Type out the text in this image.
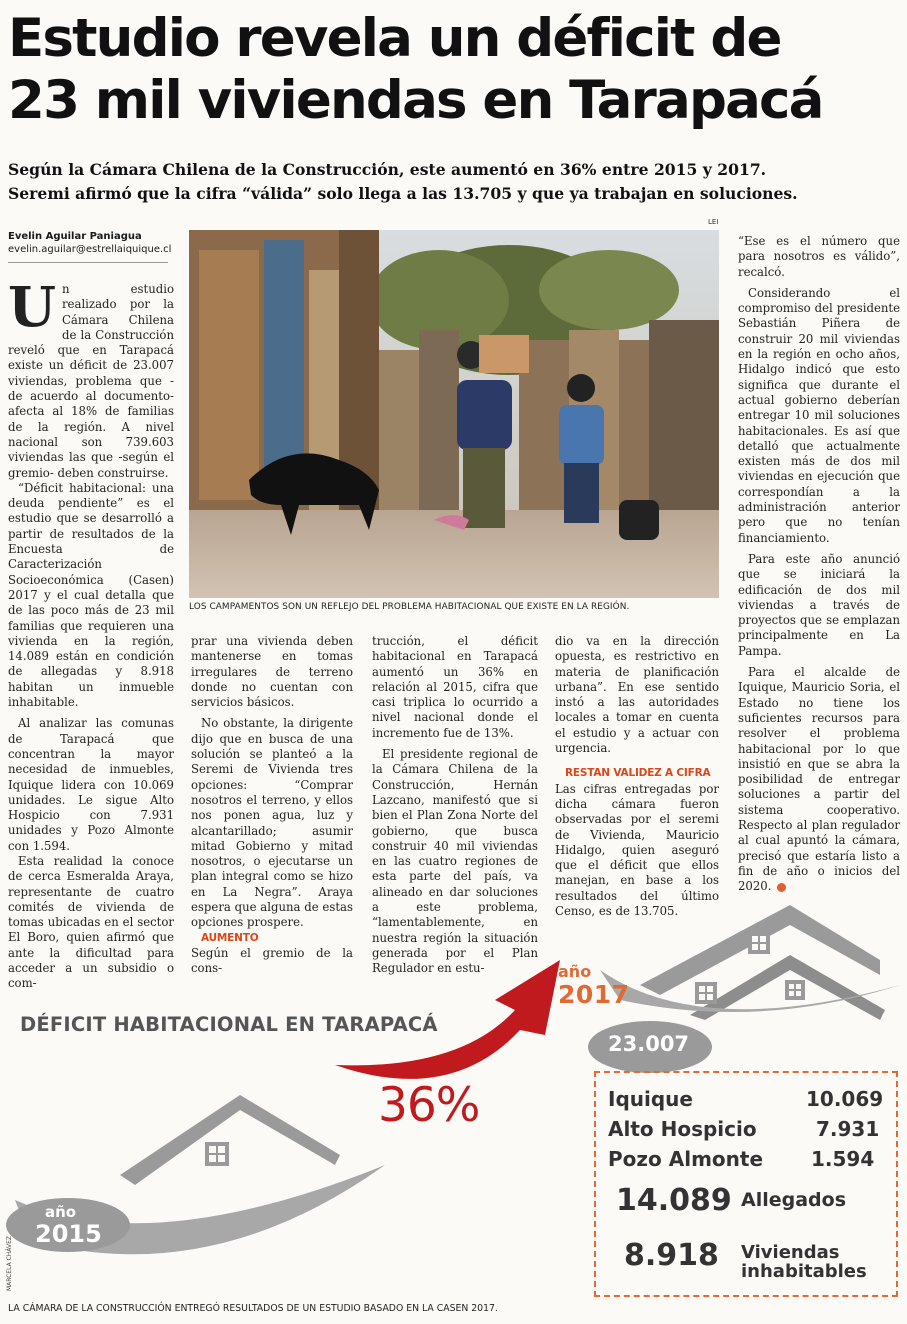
Estudio revela un déficit de
23 mil viviendas en Tarapacá
Según la Cámara Chilena de la Construcción, este aumentó en 36% entre 2015 y 2017.
Seremi afirmó que la cifra “válida” solo llega a las 13.705 y que ya trabajan en soluciones.
Evelin Aguilar Paniagua
evelin.aguilar@estrellaiquique.cl
LEI
LOS CAMPAMENTOS SON UN REFLEJO DEL PROBLEMA HABITACIONAL QUE EXISTE EN LA REGIÓN.

Un estudio realizado por la Cámara Chilena de la Construcción reveló que en Tarapacá existe un déficit de 23.007 viviendas, problema que -de acuerdo al documento- afecta al 18% de familias de la región. A nivel nacional son 739.603 viviendas las que -según el gremio- deben construirse.

“Déficit habitacional: una deuda pendiente” es el estudio que se desarrolló a partir de resultados de la Encuesta de Caracterización Socioeconómica (Casen) 2017 y el cual detalla que de las poco más de 23 mil familias que requieren una vivienda en la región, 14.089 están en condición de allegadas y 8.918 habitan un inmueble inhabitable.

Al analizar las comunas de Tarapacá que concentran la mayor necesidad de inmuebles, Iquique lidera con 10.069 unidades. Le sigue Alto Hospicio con 7.931 unidades y Pozo Almonte con 1.594.

Esta realidad la conoce de cerca Esmeralda Araya, representante de cuatro comités de vivienda de tomas ubicadas en el sector El Boro, quien afirmó que ante la dificultad para acceder a un subsidio o com-

prar una vivienda deben mantenerse en tomas irregulares de terreno donde no cuentan con servicios básicos.

No obstante, la dirigente dijo que en busca de una solución se planteó a la Seremi de Vivienda tres opciones: “Comprar nosotros el terreno, y ellos nos ponen agua, luz y alcantarillado; asumir mitad Gobierno y mitad nosotros, o ejecutarse un plan integral como se hizo en La Negra”. Araya espera que alguna de estas opciones prospere.

AUMENTO

Según el gremio de la cons-

trucción, el déficit habitacional en Tarapacá aumentó un 36% en relación al 2015, cifra que casi triplica lo ocurrido a nivel nacional donde el incremento fue de 13%.

El presidente regional de la Cámara Chilena de la Construcción, Hernán Lazcano, manifestó que si bien el Plan Zona Norte del gobierno, que busca construir 40 mil viviendas en las cuatro regiones de esta parte del país, va alineado en dar soluciones a este problema, “lamentablemente, en nuestra región la situación generada por el Plan Regulador en estu-

dio va en la dirección opuesta, es restrictivo en materia de planificación urbana”. En ese sentido instó a las autoridades locales a tomar en cuenta el estudio y a actuar con urgencia.

RESTAN VALIDEZ A CIFRA

Las cifras entregadas por dicha cámara fueron observadas por el seremi de Vivienda, Mauricio Hidalgo, quien aseguró que el déficit que ellos manejan, en base a los resultados del último Censo, es de 13.705.

“Ese es el número que para nosotros es válido”, recalcó.

Considerando el compromiso del presidente Sebastián Piñera de construir 20 mil viviendas en la región en ocho años, Hidalgo indicó que esto significa que durante el actual gobierno deberían entregar 10 mil soluciones habitacionales. Es así que detalló que actualmente existen más de dos mil viviendas en ejecución que correspondían a la administración anterior pero que no tenían financiamiento.

Para este año anunció que se iniciará la edificación de dos mil viviendas a través de proyectos que se emplazan principalmente en La Pampa.

Para el alcalde de Iquique, Mauricio Soria, el Estado no tiene los suficientes recursos para resolver el problema habitacional por lo que insistió en que se abra la posibilidad de entregar soluciones a partir del sistema cooperativo. Respecto al plan regulador al cual apuntó la cámara, precisó que estaría listo a fin de año o inicios del 2020.

DÉFICIT HABITACIONAL EN TARAPACÁ
36%
año
2017
23.007
año
2015
Iquique	10.069
Alto Hospicio	7.931
Pozo Almonte 1.594
14.089 Allegados
8.918 Viviendas
inhabitables
MARCELA CHÁVEZ
LA CÁMARA DE LA CONSTRUCCIÓN ENTREGÓ RESULTADOS DE UN ESTUDIO BASADO EN LA CASEN 2017.
